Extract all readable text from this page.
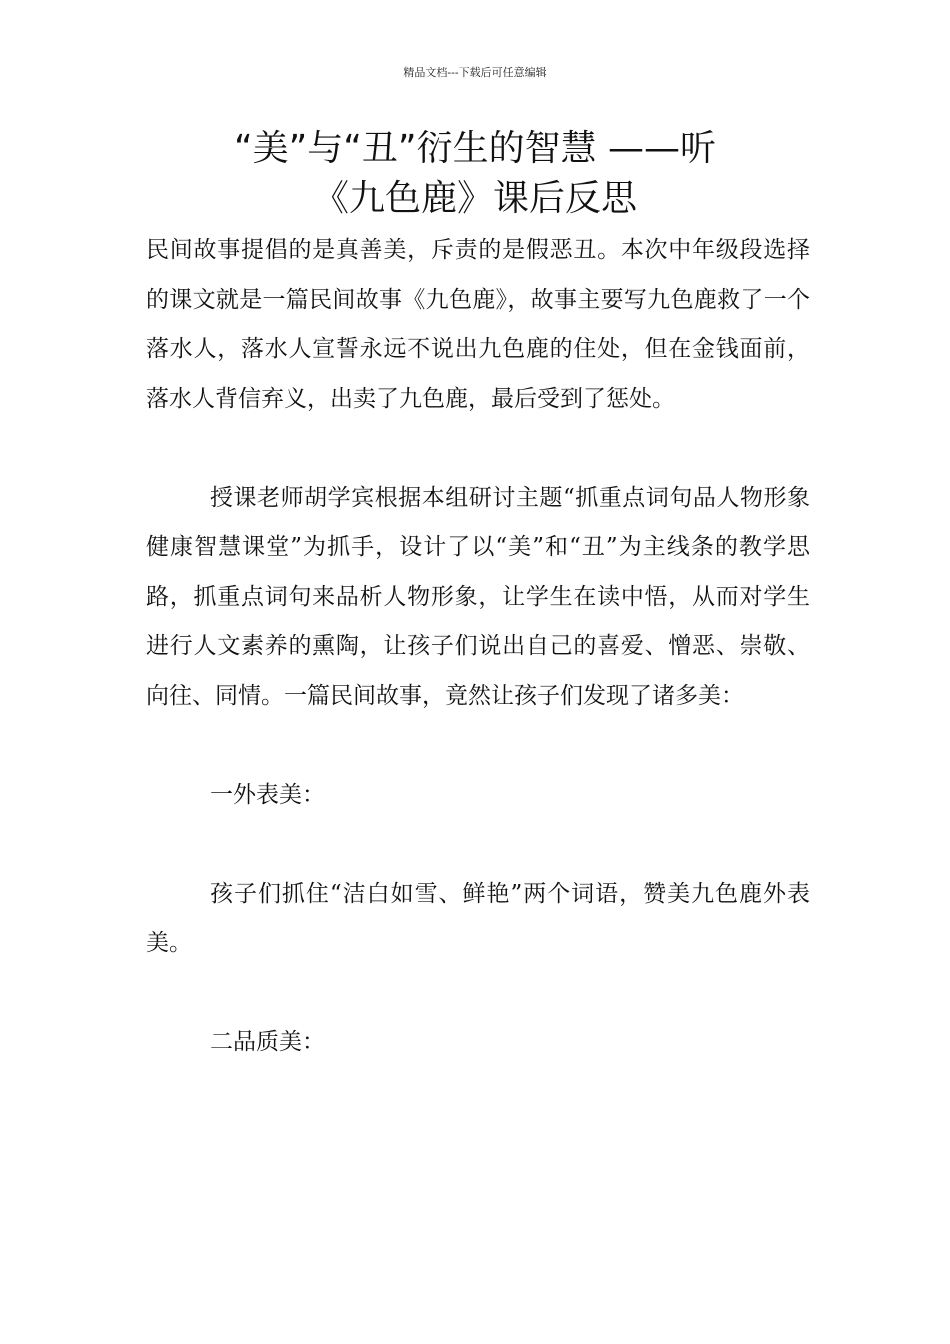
精品文档---下载后可任意编辑
“美”与“丑”衍生的智慧 ——听
《九色鹿》课后反思

民间故事提倡的是真善美，斥责的是假恶丑。本次中年级段选择的课文就是一篇民间故事《九色鹿》，故事主要写九色鹿救了一个落水人，落水人宣誓永远不说出九色鹿的住处，但在金钱面前，落水人背信弃义，出卖了九色鹿，最后受到了惩处。

授课老师胡学宾根据本组研讨主题“抓重点词句品人物形象健康智慧课堂”为抓手，设计了以“美”和“丑”为主线条的教学思路，抓重点词句来品析人物形象，让学生在读中悟，从而对学生进行人文素养的熏陶，让孩子们说出自己的喜爱、憎恶、崇敬、向往、同情。一篇民间故事，竟然让孩子们发现了诸多美：

一外表美：

孩子们抓住“洁白如雪、鲜艳”两个词语，赞美九色鹿外表美。

二品质美：
